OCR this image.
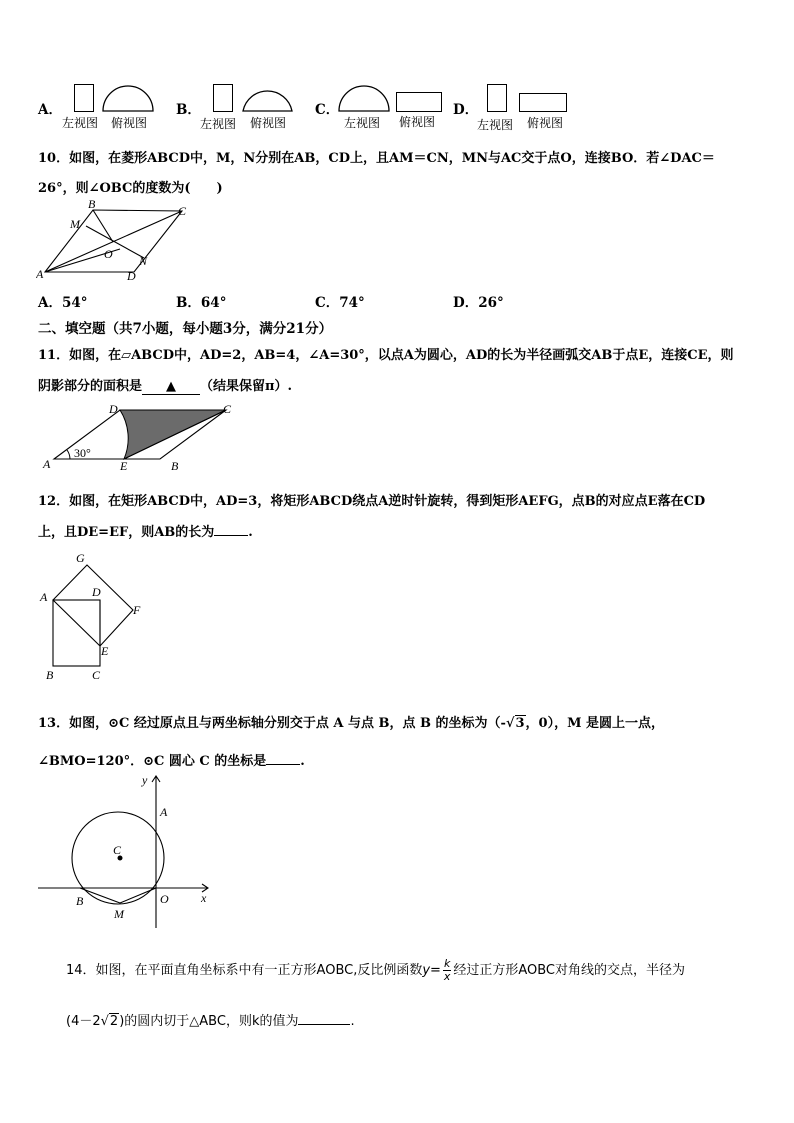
A．
左视图 俯视图
B．
左视图 俯视图
C．
左视图 俯视图
D．
左视图 俯视图
10．如图，在菱形ABCD中，M，N分别在AB，CD上，且AM＝CN，MN与AC交于点O，连接BO．若∠DAC＝
26°，则∠OBC的度数为(　　)
A
B	C
D
M
N
O
A．54°	B．64°	C．74°	D．26°
二、填空题（共7小题，每小题3分，满分21分）
11．如图，在▱ABCD中，AD=2，AB=4，∠A=30°，以点A为圆心，AD的长为半径画弧交AB于点E，连接CE，则
阴影部分的面积是 ▲ （结果保留π）.
30°
A	B
C
D
E
12．如图，在矩形ABCD中，AD=3，将矩形ABCD绕点A逆时针旋转，得到矩形AEFG，点B的对应点E落在CD
上，且DE=EF，则AB的长为	.
G
A	D
F
E
B	C
13．如图，⊙C 经过原点且与两坐标轴分别交于点 A 与点 B，点 B 的坐标为（-√3，0），M 是圆上一点，
∠BMO=120°．⊙C 圆心 C 的坐标是	.
y
x
A
B
C
O
M
14．如图，在平面直角坐标系中有一正方形AOBC,反比例函数$y= \frac{k}{x}$ 经过正方形AOBC对角线的交点，半径为
(4－2√2)的圆内切于△ABC，则k的值为	.
